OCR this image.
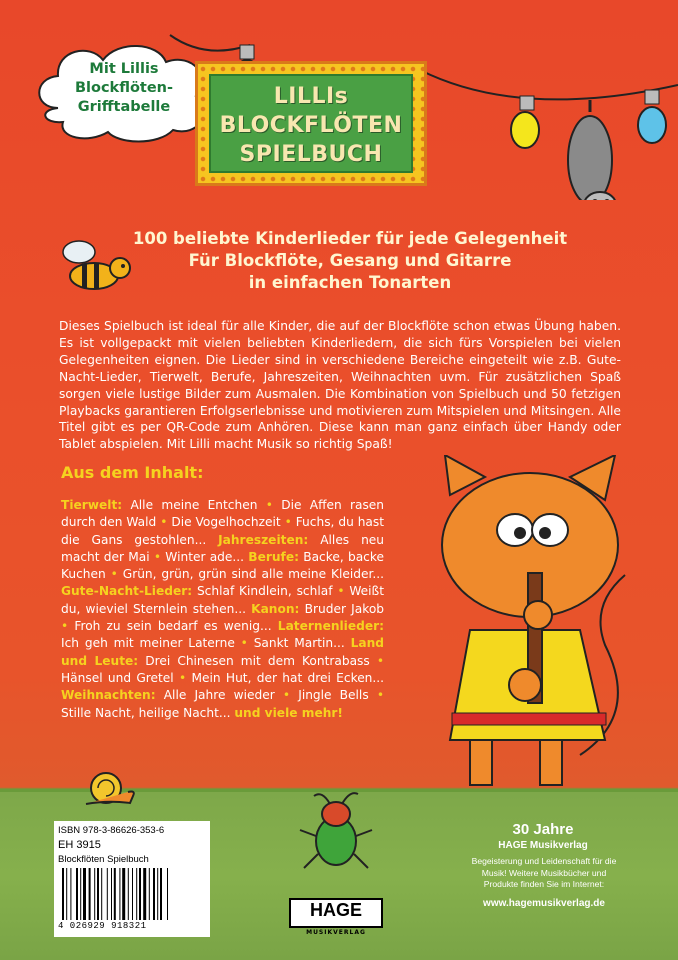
Mit Lillis
Blockflöten-
Grifftabelle	LILLIs
BLOCKFLÖTEN
SPIELBUCH
100 beliebte Kinderlieder für jede Gelegenheit
Für Blockflöte, Gesang und Gitarre
in einfachen Tonarten
Dieses Spielbuch ist ideal für alle Kinder, die auf der Blockflöte schon etwas Übung haben. Es ist vollgepackt mit vielen beliebten Kinderliedern, die sich fürs Vorspielen bei vielen Gelegenheiten eignen. Die Lieder sind in verschiedene Bereiche eingeteilt wie z.B. Gute-Nacht-Lieder, Tierwelt, Berufe, Jahreszeiten, Weihnachten uvm. Für zusätzlichen Spaß sorgen viele lustige Bilder zum Ausmalen. Die Kombination von Spielbuch und 50 fetzigen Playbacks garantieren Erfolgserlebnisse und motivieren zum Mitspielen und Mitsingen. Alle Titel gibt es per QR-Code zum Anhören. Diese kann man ganz einfach über Handy oder Tablet abspielen. Mit Lilli macht Musik so richtig Spaß!
Aus dem Inhalt:
Tierwelt: Alle meine Entchen • Die Affen rasen durch den Wald • Die Vogelhochzeit • Fuchs, du hast die Gans gestohlen... Jahreszeiten: Alles neu macht der Mai • Winter ade... Berufe: Backe, backe Kuchen • Grün, grün, grün sind alle meine Kleider... Gute-Nacht-Lieder: Schlaf Kindlein, schlaf • Weißt du, wieviel Sternlein stehen... Kanon: Bruder Jakob • Froh zu sein bedarf es wenig... Laternenlieder: Ich geh mit meiner Laterne • Sankt Martin... Land und Leute: Drei Chinesen mit dem Kontrabass • Hänsel und Gretel • Mein Hut, der hat drei Ecken... Weihnachten: Alle Jahre wieder • Jingle Bells • Stille Nacht, heilige Nacht... und viele mehr!
ISBN 978-3-86626-353-6
EH 3915
Blockflöten Spielbuch
4 026929 918321
HAGE
MUSIKVERLAG
30 Jahre
HAGE Musikverlag
Begeisterung und Leidenschaft für die Musik! Weitere Musikbücher und Produkte finden Sie im Internet:
www.hagemusikverlag.de
